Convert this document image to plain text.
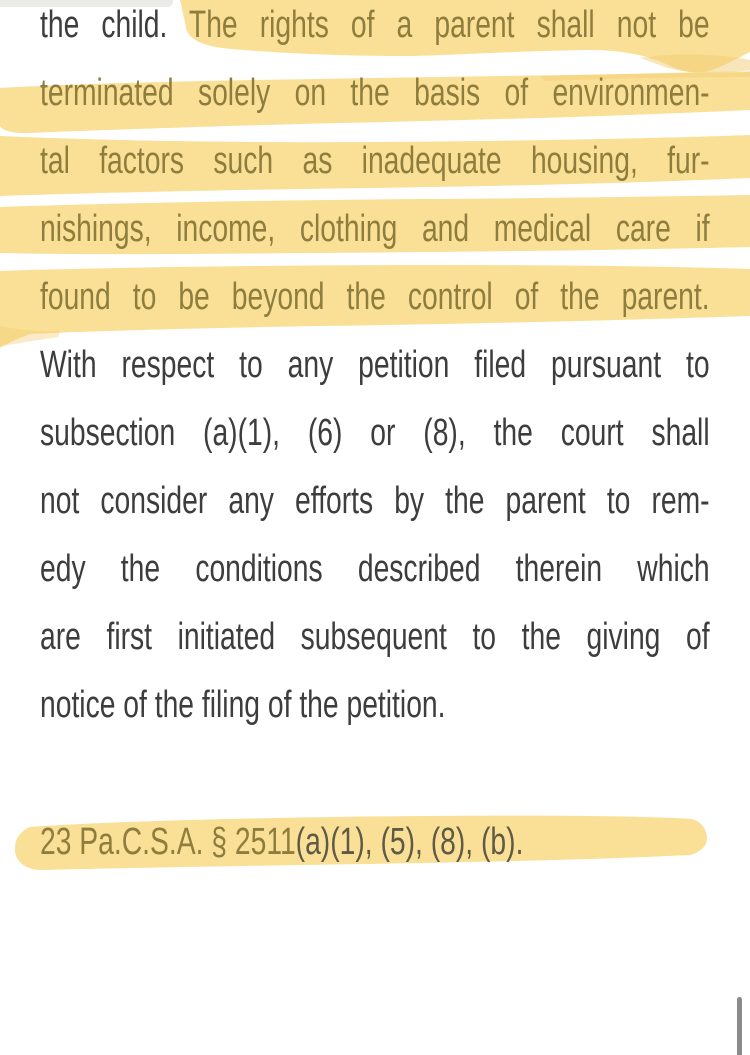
the child. The rights of a parent shall not be
terminated solely on the basis of environmen-
tal factors such as inadequate housing, fur-
nishings, income, clothing and medical care if
found to be beyond the control of the parent.
With respect to any petition filed pursuant to
subsection (a)(1), (6) or (8), the court shall
not consider any efforts by the parent to rem-
edy the conditions described therein which
are first initiated subsequent to the giving of
notice of the filing of the petition.
23 Pa.C.S.A. § 2511(a)(1), (5), (8), (b).
